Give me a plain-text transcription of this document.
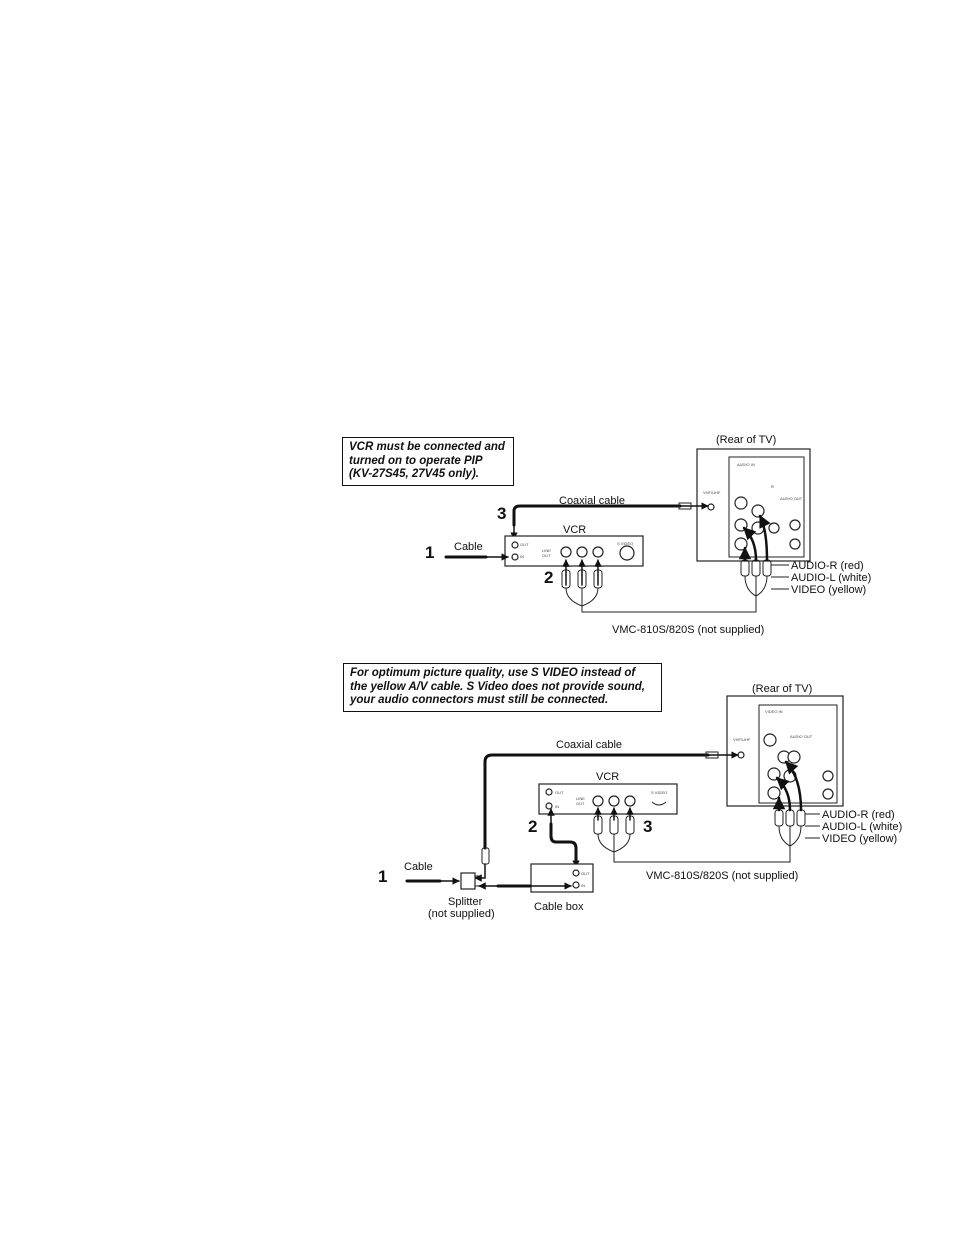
VCR must be connected and
turned on to operate PIP
(KV-27S45, 27V45 only).
For optimum picture quality, use S VIDEO instead of
the yellow A/V cable. S Video does not provide sound,
your audio connectors must still be connected.
(Rear of TV)
AUDIO IN
R
AUDIO OUT
VHF/UHF
Coaxial cable
3
VCR
OUT
IN
LINE
OUT
S VIDEO
1 Cable
2
AUDIO-R (red)
AUDIO-L (white)
VIDEO (yellow)
VMC-810S/820S (not supplied)
(Rear of TV)
VIDEO IN
AUDIO OUT
VHF/UHF
Coaxial cable
VCR
OUT
IN
LINE
OUT
S VIDEO
2	3
1	OUT
IN
Cable box
Splitter
(not supplied)
Cable
AUDIO-R (red)
AUDIO-L (white)
VIDEO (yellow)
VMC-810S/820S (not supplied)
